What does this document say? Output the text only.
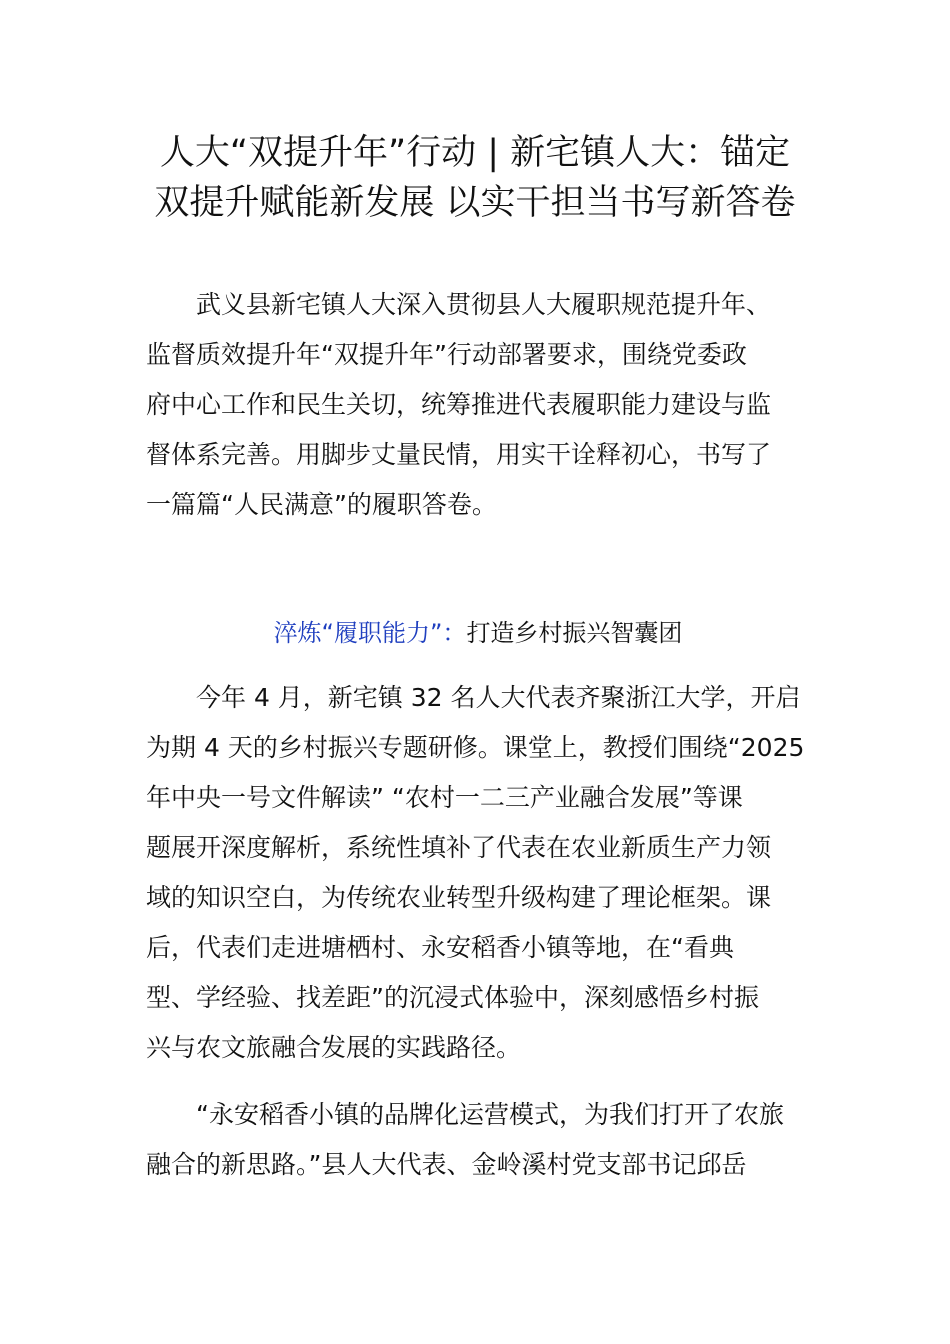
人大“双提升年”行动 | 新宅镇人大：锚定
双提升赋能新发展 以实干担当书写新答卷

武义县新宅镇人大深入贯彻县人大履职规范提升年、
监督质效提升年“双提升年”行动部署要求，围绕党委政
府中心工作和民生关切，统筹推进代表履职能力建设与监
督体系完善。用脚步丈量民情，用实干诠释初心，书写了
一篇篇“人民满意”的履职答卷。

淬炼“履职能力”：打造乡村振兴智囊团

今年 4 月，新宅镇 32 名人大代表齐聚浙江大学，开启
为期 4 天的乡村振兴专题研修。课堂上，教授们围绕“2025
年中央一号文件解读” “农村一二三产业融合发展”等课
题展开深度解析，系统性填补了代表在农业新质生产力领
域的知识空白，为传统农业转型升级构建了理论框架。课
后，代表们走进塘栖村、永安稻香小镇等地，在“看典
型、学经验、找差距”的沉浸式体验中，深刻感悟乡村振
兴与农文旅融合发展的实践路径。

“永安稻香小镇的品牌化运营模式，为我们打开了农旅
融合的新思路。”县人大代表、金岭溪村党支部书记邱岳
